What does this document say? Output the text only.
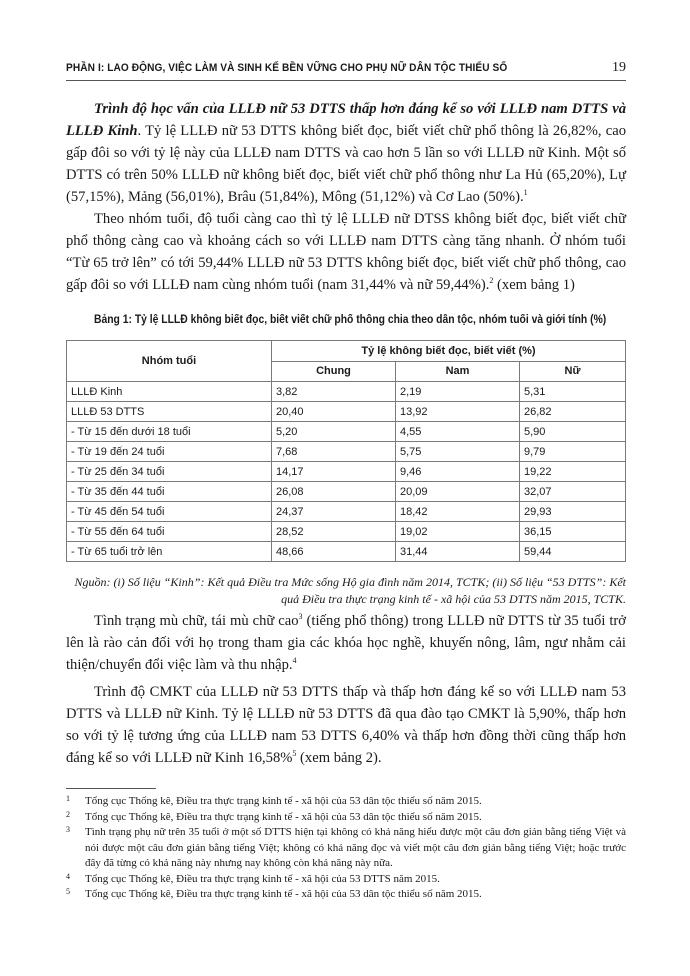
PHẦN I: LAO ĐỘNG, VIỆC LÀM VÀ SINH KẾ BỀN VỮNG CHO PHỤ NỮ DÂN TỘC THIỂU SỐ	19

Trình độ học vấn của LLLĐ nữ 53 DTTS thấp hơn đáng kể so với LLLĐ nam DTTS và LLLĐ Kinh. Tỷ lệ LLLĐ nữ 53 DTTS không biết đọc, biết viết chữ phổ thông là 26,82%, cao gấp đôi so với tỷ lệ này của LLLĐ nam DTTS và cao hơn 5 lần so với LLLĐ nữ Kinh. Một số DTTS có trên 50% LLLĐ nữ không biết đọc, biết viết chữ phổ thông như La Hủ (65,20%), Lự (57,15%), Mảng (56,01%), Brâu (51,84%), Mông (51,12%) và Cơ Lao (50%).$^1$

Theo nhóm tuổi, độ tuổi càng cao thì tỷ lệ LLLĐ nữ DTSS không biết đọc, biết viết chữ phổ thông càng cao và khoảng cách so với LLLĐ nam DTTS càng tăng nhanh. Ở nhóm tuổi “Từ 65 trở lên” có tới 59,44% LLLĐ nữ 53 DTTS không biết đọc, biết viết chữ phổ thông, cao gấp đôi so với LLLĐ nam cùng nhóm tuổi (nam 31,44% và nữ 59,44%).$^2$ (xem bảng 1)

Bảng 1: Tỷ lệ LLLĐ không biết đọc, biết viết chữ phổ thông chia theo dân tộc, nhóm tuổi và giới tính (%)
Nhóm tuổi	Tỷ lệ không biết đọc, biết viết (%)		
	Chung	Nam	Nữ
LLLĐ Kinh	3,82	2,19	5,31
LLLĐ 53 DTTS	20,40	13,92	26,82
- Từ 15 đến dưới 18 tuổi	5,20	4,55	5,90
- Từ 19 đến 24 tuổi	7,68	5,75	9,79
- Từ 25 đến 34 tuổi	14,17	9,46	19,22
- Từ 35 đến 44 tuổi	26,08	20,09	32,07
- Từ 45 đến 54 tuổi	24,37	18,42	29,93
- Từ 55 đến 64 tuổi	28,52	19,02	36,15
- Từ 65 tuổi trở lên	48,66	31,44	59,44

Nguồn: (i) Số liệu “Kinh”: Kết quả Điều tra Mức sống Hộ gia đình năm 2014, TCTK; (ii) Số liệu “53 DTTS”: Kết quả Điều tra thực trạng kinh tế - xã hội của 53 DTTS năm 2015, TCTK.

Tình trạng mù chữ, tái mù chữ cao$^3$ (tiếng phổ thông) trong LLLĐ nữ DTTS từ 35 tuổi trở lên là rào cản đối với họ trong tham gia các khóa học nghề, khuyến nông, lâm, ngư nhằm cải thiện/chuyển đổi việc làm và thu nhập.$^4$

Trình độ CMKT của LLLĐ nữ 53 DTTS thấp và thấp hơn đáng kể so với LLLĐ nam 53 DTTS và LLLĐ nữ Kinh. Tỷ lệ LLLĐ nữ 53 DTTS đã qua đào tạo CMKT là 5,90%, thấp hơn so với tỷ lệ tương ứng của LLLĐ nam 53 DTTS 6,40% và thấp hơn đồng thời cũng thấp hơn đáng kể so với LLLĐ nữ Kinh 16,58%$^5$ (xem bảng 2).

1 Tổng cục Thống kê, Điều tra thực trạng kinh tế - xã hội của 53 dân tộc thiểu số năm 2015.
2 Tổng cục Thống kê, Điều tra thực trạng kinh tế - xã hội của 53 dân tộc thiểu số năm 2015.
3 Tình trạng phụ nữ trên 35 tuổi ở một số DTTS hiện tại không có khả năng hiểu được một câu đơn giản bằng tiếng Việt và nói được một câu đơn giản bằng tiếng Việt; không có khả năng đọc và viết một câu đơn giản bằng tiếng Việt; hoặc trước đây đã từng có khả năng này nhưng nay không còn khả năng này nữa.
4 Tổng cục Thống kê, Điều tra thực trạng kinh tế - xã hội của 53 DTTS năm 2015.
5 Tổng cục Thống kê, Điều tra thực trạng kinh tế - xã hội của 53 dân tộc thiểu số năm 2015.
